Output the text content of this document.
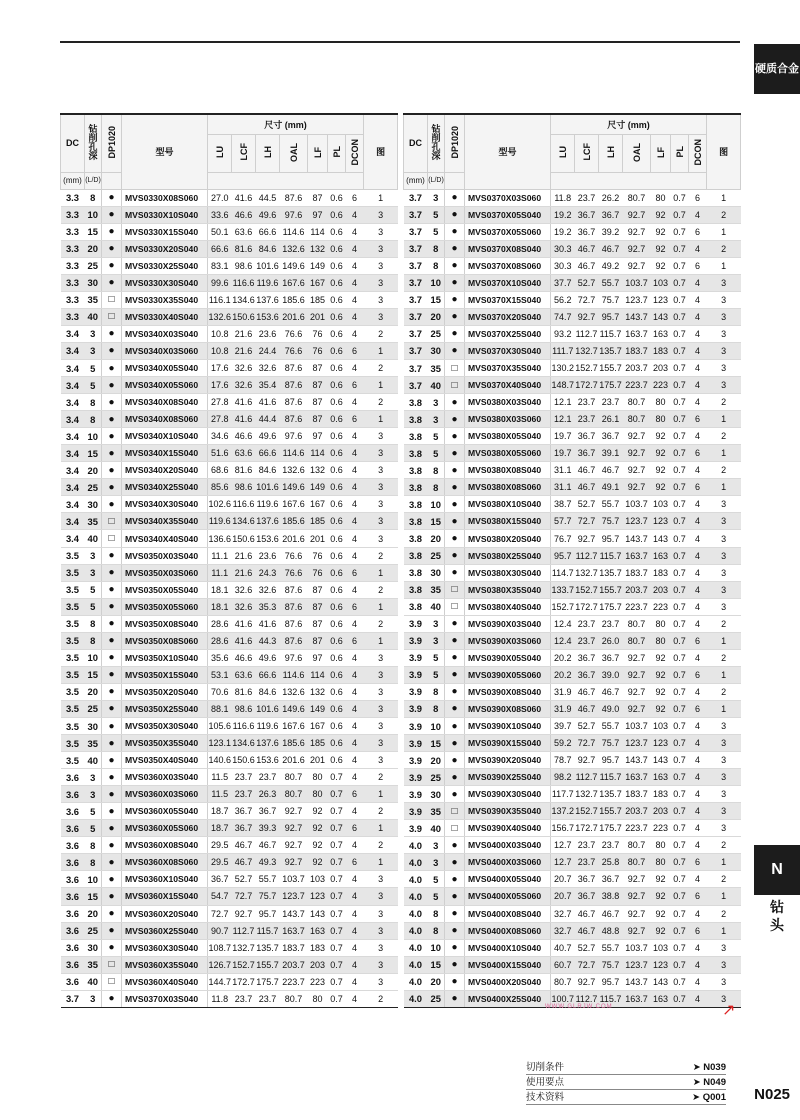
硬质合金
N
钻头
DC	钻削孔深	DP1020	型号	尺寸 (mm)							图
				LU	LCF	LH	OAL	LF	PL	DCON	
(mm)	(L/D)										
3.3	8	●	MVS0330X08S060	27.0	41.6	44.5	87.6	87	0.6	6	1
3.3	10	●	MVS0330X10S040	33.6	46.6	49.6	97.6	97	0.6	4	3
3.3	15	●	MVS0330X15S040	50.1	63.6	66.6	114.6	114	0.6	4	3
3.3	20	●	MVS0330X20S040	66.6	81.6	84.6	132.6	132	0.6	4	3
3.3	25	●	MVS0330X25S040	83.1	98.6	101.6	149.6	149	0.6	4	3
3.3	30	●	MVS0330X30S040	99.6	116.6	119.6	167.6	167	0.6	4	3
3.3	35	□	MVS0330X35S040	116.1	134.6	137.6	185.6	185	0.6	4	3
3.3	40	□	MVS0330X40S040	132.6	150.6	153.6	201.6	201	0.6	4	3
3.4	3	●	MVS0340X03S040	10.8	21.6	23.6	76.6	76	0.6	4	2
3.4	3	●	MVS0340X03S060	10.8	21.6	24.4	76.6	76	0.6	6	1
3.4	5	●	MVS0340X05S040	17.6	32.6	32.6	87.6	87	0.6	4	2
3.4	5	●	MVS0340X05S060	17.6	32.6	35.4	87.6	87	0.6	6	1
3.4	8	●	MVS0340X08S040	27.8	41.6	41.6	87.6	87	0.6	4	2
3.4	8	●	MVS0340X08S060	27.8	41.6	44.4	87.6	87	0.6	6	1
3.4	10	●	MVS0340X10S040	34.6	46.6	49.6	97.6	97	0.6	4	3
3.4	15	●	MVS0340X15S040	51.6	63.6	66.6	114.6	114	0.6	4	3
3.4	20	●	MVS0340X20S040	68.6	81.6	84.6	132.6	132	0.6	4	3
3.4	25	●	MVS0340X25S040	85.6	98.6	101.6	149.6	149	0.6	4	3
3.4	30	●	MVS0340X30S040	102.6	116.6	119.6	167.6	167	0.6	4	3
3.4	35	□	MVS0340X35S040	119.6	134.6	137.6	185.6	185	0.6	4	3
3.4	40	□	MVS0340X40S040	136.6	150.6	153.6	201.6	201	0.6	4	3
3.5	3	●	MVS0350X03S040	11.1	21.6	23.6	76.6	76	0.6	4	2
3.5	3	●	MVS0350X03S060	11.1	21.6	24.3	76.6	76	0.6	6	1
3.5	5	●	MVS0350X05S040	18.1	32.6	32.6	87.6	87	0.6	4	2
3.5	5	●	MVS0350X05S060	18.1	32.6	35.3	87.6	87	0.6	6	1
3.5	8	●	MVS0350X08S040	28.6	41.6	41.6	87.6	87	0.6	4	2
3.5	8	●	MVS0350X08S060	28.6	41.6	44.3	87.6	87	0.6	6	1
3.5	10	●	MVS0350X10S040	35.6	46.6	49.6	97.6	97	0.6	4	3
3.5	15	●	MVS0350X15S040	53.1	63.6	66.6	114.6	114	0.6	4	3
3.5	20	●	MVS0350X20S040	70.6	81.6	84.6	132.6	132	0.6	4	3
3.5	25	●	MVS0350X25S040	88.1	98.6	101.6	149.6	149	0.6	4	3
3.5	30	●	MVS0350X30S040	105.6	116.6	119.6	167.6	167	0.6	4	3
3.5	35	●	MVS0350X35S040	123.1	134.6	137.6	185.6	185	0.6	4	3
3.5	40	●	MVS0350X40S040	140.6	150.6	153.6	201.6	201	0.6	4	3
3.6	3	●	MVS0360X03S040	11.5	23.7	23.7	80.7	80	0.7	4	2
3.6	3	●	MVS0360X03S060	11.5	23.7	26.3	80.7	80	0.7	6	1
3.6	5	●	MVS0360X05S040	18.7	36.7	36.7	92.7	92	0.7	4	2
3.6	5	●	MVS0360X05S060	18.7	36.7	39.3	92.7	92	0.7	6	1
3.6	8	●	MVS0360X08S040	29.5	46.7	46.7	92.7	92	0.7	4	2
3.6	8	●	MVS0360X08S060	29.5	46.7	49.3	92.7	92	0.7	6	1
3.6	10	●	MVS0360X10S040	36.7	52.7	55.7	103.7	103	0.7	4	3
3.6	15	●	MVS0360X15S040	54.7	72.7	75.7	123.7	123	0.7	4	3
3.6	20	●	MVS0360X20S040	72.7	92.7	95.7	143.7	143	0.7	4	3
3.6	25	●	MVS0360X25S040	90.7	112.7	115.7	163.7	163	0.7	4	3
3.6	30	●	MVS0360X30S040	108.7	132.7	135.7	183.7	183	0.7	4	3
3.6	35	□	MVS0360X35S040	126.7	152.7	155.7	203.7	203	0.7	4	3
3.6	40	□	MVS0360X40S040	144.7	172.7	175.7	223.7	223	0.7	4	3
3.7	3	●	MVS0370X03S040	11.8	23.7	23.7	80.7	80	0.7	4	2
DC	钻削孔深	DP1020	型号	尺寸 (mm)							图
				LU	LCF	LH	OAL	LF	PL	DCON	
(mm)	(L/D)										
3.7	3	●	MVS0370X03S060	11.8	23.7	26.2	80.7	80	0.7	6	1
3.7	5	●	MVS0370X05S040	19.2	36.7	36.7	92.7	92	0.7	4	2
3.7	5	●	MVS0370X05S060	19.2	36.7	39.2	92.7	92	0.7	6	1
3.7	8	●	MVS0370X08S040	30.3	46.7	46.7	92.7	92	0.7	4	2
3.7	8	●	MVS0370X08S060	30.3	46.7	49.2	92.7	92	0.7	6	1
3.7	10	●	MVS0370X10S040	37.7	52.7	55.7	103.7	103	0.7	4	3
3.7	15	●	MVS0370X15S040	56.2	72.7	75.7	123.7	123	0.7	4	3
3.7	20	●	MVS0370X20S040	74.7	92.7	95.7	143.7	143	0.7	4	3
3.7	25	●	MVS0370X25S040	93.2	112.7	115.7	163.7	163	0.7	4	3
3.7	30	●	MVS0370X30S040	111.7	132.7	135.7	183.7	183	0.7	4	3
3.7	35	□	MVS0370X35S040	130.2	152.7	155.7	203.7	203	0.7	4	3
3.7	40	□	MVS0370X40S040	148.7	172.7	175.7	223.7	223	0.7	4	3
3.8	3	●	MVS0380X03S040	12.1	23.7	23.7	80.7	80	0.7	4	2
3.8	3	●	MVS0380X03S060	12.1	23.7	26.1	80.7	80	0.7	6	1
3.8	5	●	MVS0380X05S040	19.7	36.7	36.7	92.7	92	0.7	4	2
3.8	5	●	MVS0380X05S060	19.7	36.7	39.1	92.7	92	0.7	6	1
3.8	8	●	MVS0380X08S040	31.1	46.7	46.7	92.7	92	0.7	4	2
3.8	8	●	MVS0380X08S060	31.1	46.7	49.1	92.7	92	0.7	6	1
3.8	10	●	MVS0380X10S040	38.7	52.7	55.7	103.7	103	0.7	4	3
3.8	15	●	MVS0380X15S040	57.7	72.7	75.7	123.7	123	0.7	4	3
3.8	20	●	MVS0380X20S040	76.7	92.7	95.7	143.7	143	0.7	4	3
3.8	25	●	MVS0380X25S040	95.7	112.7	115.7	163.7	163	0.7	4	3
3.8	30	●	MVS0380X30S040	114.7	132.7	135.7	183.7	183	0.7	4	3
3.8	35	□	MVS0380X35S040	133.7	152.7	155.7	203.7	203	0.7	4	3
3.8	40	□	MVS0380X40S040	152.7	172.7	175.7	223.7	223	0.7	4	3
3.9	3	●	MVS0390X03S040	12.4	23.7	23.7	80.7	80	0.7	4	2
3.9	3	●	MVS0390X03S060	12.4	23.7	26.0	80.7	80	0.7	6	1
3.9	5	●	MVS0390X05S040	20.2	36.7	36.7	92.7	92	0.7	4	2
3.9	5	●	MVS0390X05S060	20.2	36.7	39.0	92.7	92	0.7	6	1
3.9	8	●	MVS0390X08S040	31.9	46.7	46.7	92.7	92	0.7	4	2
3.9	8	●	MVS0390X08S060	31.9	46.7	49.0	92.7	92	0.7	6	1
3.9	10	●	MVS0390X10S040	39.7	52.7	55.7	103.7	103	0.7	4	3
3.9	15	●	MVS0390X15S040	59.2	72.7	75.7	123.7	123	0.7	4	3
3.9	20	●	MVS0390X20S040	78.7	92.7	95.7	143.7	143	0.7	4	3
3.9	25	●	MVS0390X25S040	98.2	112.7	115.7	163.7	163	0.7	4	3
3.9	30	●	MVS0390X30S040	117.7	132.7	135.7	183.7	183	0.7	4	3
3.9	35	□	MVS0390X35S040	137.2	152.7	155.7	203.7	203	0.7	4	3
3.9	40	□	MVS0390X40S040	156.7	172.7	175.7	223.7	223	0.7	4	3
4.0	3	●	MVS0400X03S040	12.7	23.7	23.7	80.7	80	0.7	4	2
4.0	3	●	MVS0400X03S060	12.7	23.7	25.8	80.7	80	0.7	6	1
4.0	5	●	MVS0400X05S040	20.7	36.7	36.7	92.7	92	0.7	4	2
4.0	5	●	MVS0400X05S060	20.7	36.7	38.8	92.7	92	0.7	6	1
4.0	8	●	MVS0400X08S040	32.7	46.7	46.7	92.7	92	0.7	4	2
4.0	8	●	MVS0400X08S060	32.7	46.7	48.8	92.7	92	0.7	6	1
4.0	10	●	MVS0400X10S040	40.7	52.7	55.7	103.7	103	0.7	4	3
4.0	15	●	MVS0400X15S040	60.7	72.7	75.7	123.7	123	0.7	4	3
4.0	20	●	MVS0400X20S040	80.7	92.7	95.7	143.7	143	0.7	4	3
4.0	25	●	MVS0400X25S040	100.7	112.7	115.7	163.7	163	0.7	4	3
WWW.GLRJW.COM	↗
切削条件	➤ N039
使用要点	➤ N049
技术资料	➤ Q001 N025
